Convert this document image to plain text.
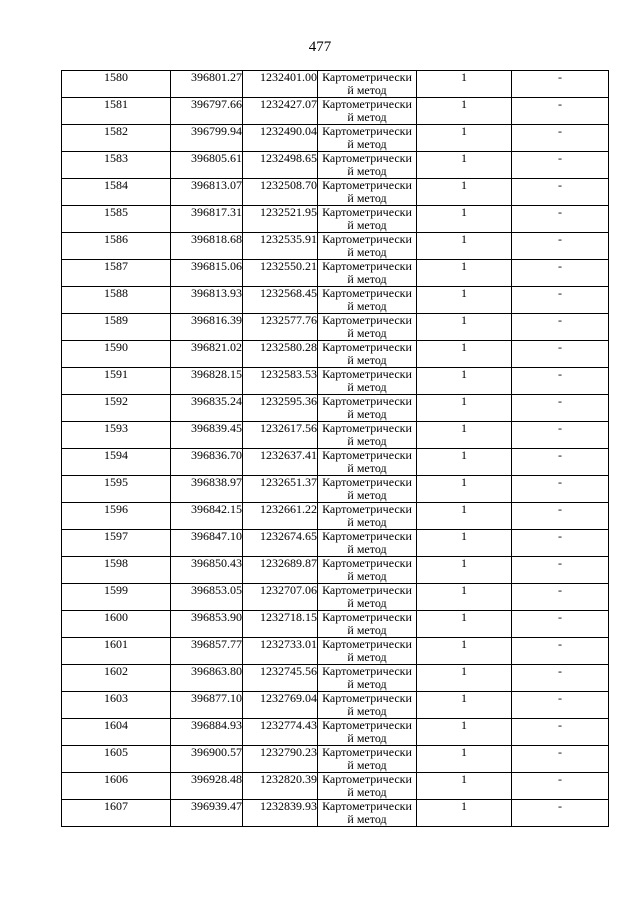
477
1580	396801.27	1232401.00	Картометрически
й метод	1	-
1581	396797.66	1232427.07	Картометрически
й метод	1	-
1582	396799.94	1232490.04	Картометрически
й метод	1	-
1583	396805.61	1232498.65	Картометрически
й метод	1	-
1584	396813.07	1232508.70	Картометрически
й метод	1	-
1585	396817.31	1232521.95	Картометрически
й метод	1	-
1586	396818.68	1232535.91	Картометрически
й метод	1	-
1587	396815.06	1232550.21	Картометрически
й метод	1	-
1588	396813.93	1232568.45	Картометрически
й метод	1	-
1589	396816.39	1232577.76	Картометрически
й метод	1	-
1590	396821.02	1232580.28	Картометрически
й метод	1	-
1591	396828.15	1232583.53	Картометрически
й метод	1	-
1592	396835.24	1232595.36	Картометрически
й метод	1	-
1593	396839.45	1232617.56	Картометрически
й метод	1	-
1594	396836.70	1232637.41	Картометрически
й метод	1	-
1595	396838.97	1232651.37	Картометрически
й метод	1	-
1596	396842.15	1232661.22	Картометрически
й метод	1	-
1597	396847.10	1232674.65	Картометрически
й метод	1	-
1598	396850.43	1232689.87	Картометрически
й метод	1	-
1599	396853.05	1232707.06	Картометрически
й метод	1	-
1600	396853.90	1232718.15	Картометрически
й метод	1	-
1601	396857.77	1232733.01	Картометрически
й метод	1	-
1602	396863.80	1232745.56	Картометрически
й метод	1	-
1603	396877.10	1232769.04	Картометрически
й метод	1	-
1604	396884.93	1232774.43	Картометрически
й метод	1	-
1605	396900.57	1232790.23	Картометрически
й метод	1	-
1606	396928.48	1232820.39	Картометрически
й метод	1	-
1607	396939.47	1232839.93	Картометрически
й метод	1	-
